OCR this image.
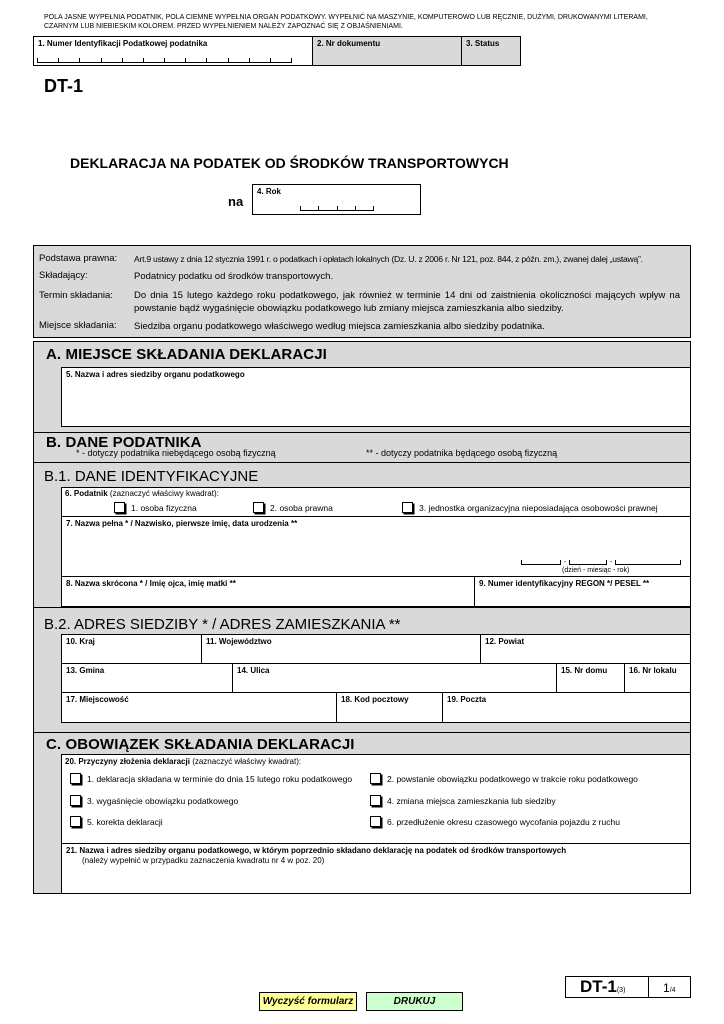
POLA JASNE WYPEŁNIA PODATNIK, POLA CIEMNE WYPEŁNIA ORGAN PODATKOWY. WYPEŁNIĆ NA MASZYNIE, KOMPUTEROWO LUB RĘCZNIE, DUŻYMI, DRUKOWANYMI LITERAMI,
CZARNYM LUB NIEBIESKIM KOLOREM. PRZED WYPEŁNIENIEM NALEŻY ZAPOZNAĆ SIĘ Z OBJAŚNIENIAMI.
1. Numer Identyfikacji Podatkowej podatnika	2. Nr dokumentu	3. Status
DT-1
DEKLARACJA NA PODATEK OD ŚRODKÓW TRANSPORTOWYCH
na
4. Rok
Podstawa prawna: Art.9 ustawy z dnia 12 stycznia 1991 r. o podatkach i opłatach lokalnych (Dz. U. z 2006 r. Nr 121, poz. 844, z późn. zm.), zwanej dalej „ustawą”.
Składający:	Podatnicy podatku od środków transportowych.
Termin składania: Do dnia 15 lutego każdego roku podatkowego, jak również w terminie 14 dni od zaistnienia okoliczności mających wpływ na powstanie bądź wygaśnięcie obowiązku podatkowego lub zmiany miejsca zamieszkania albo siedziby.
Miejsce składania: Siedziba organu podatkowego właściwego według miejsca zamieszkania albo siedziby podatnika.
A. MIEJSCE SKŁADANIA DEKLARACJI
5. Nazwa i adres siedziby organu podatkowego
B. DANE PODATNIKA
* - dotyczy podatnika niebędącego osobą fizyczną	** - dotyczy podatnika będącego osobą fizyczną
B.1. DANE IDENTYFIKACYJNE
6. Podatnik (zaznaczyć właściwy kwadrat):
1. osoba fizyczna	2. osoba prawna	3. jednostka organizacyjna nieposiadająca osobowości prawnej
7. Nazwa pełna * / Nazwisko, pierwsze imię, data urodzenia **
-	-
(dzień - miesiąc - rok)
8. Nazwa skrócona * / Imię ojca, imię matki **	9. Numer identyfikacyjny REGON */ PESEL **
B.2. ADRES SIEDZIBY * / ADRES ZAMIESZKANIA **
10. Kraj	11. Województwo	12. Powiat
13. Gmina	14. Ulica	15. Nr domu	16. Nr lokalu
17. Miejscowość	18. Kod pocztowy	19. Poczta
C. OBOWIĄZEK SKŁADANIA DEKLARACJI
20. Przyczyny złożenia deklaracji (zaznaczyć właściwy kwadrat):
1. deklaracja składana w terminie do dnia 15 lutego roku podatkowego	2. powstanie obowiązku podatkowego w trakcie roku podatkowego
3. wygaśnięcie obowiązku podatkowego	4. zmiana miejsca zamieszkania lub siedziby
5. korekta deklaracji	6. przedłużenie okresu czasowego wycofania pojazdu z ruchu
21. Nazwa i adres siedziby organu podatkowego, w którym poprzednio składano deklarację na podatek od środków transportowych
(należy wypełnić w przypadku zaznaczenia kwadratu nr 4 w poz. 20)
DT-1(3)	1/4
Wyczyść formularz	DRUKUJ
